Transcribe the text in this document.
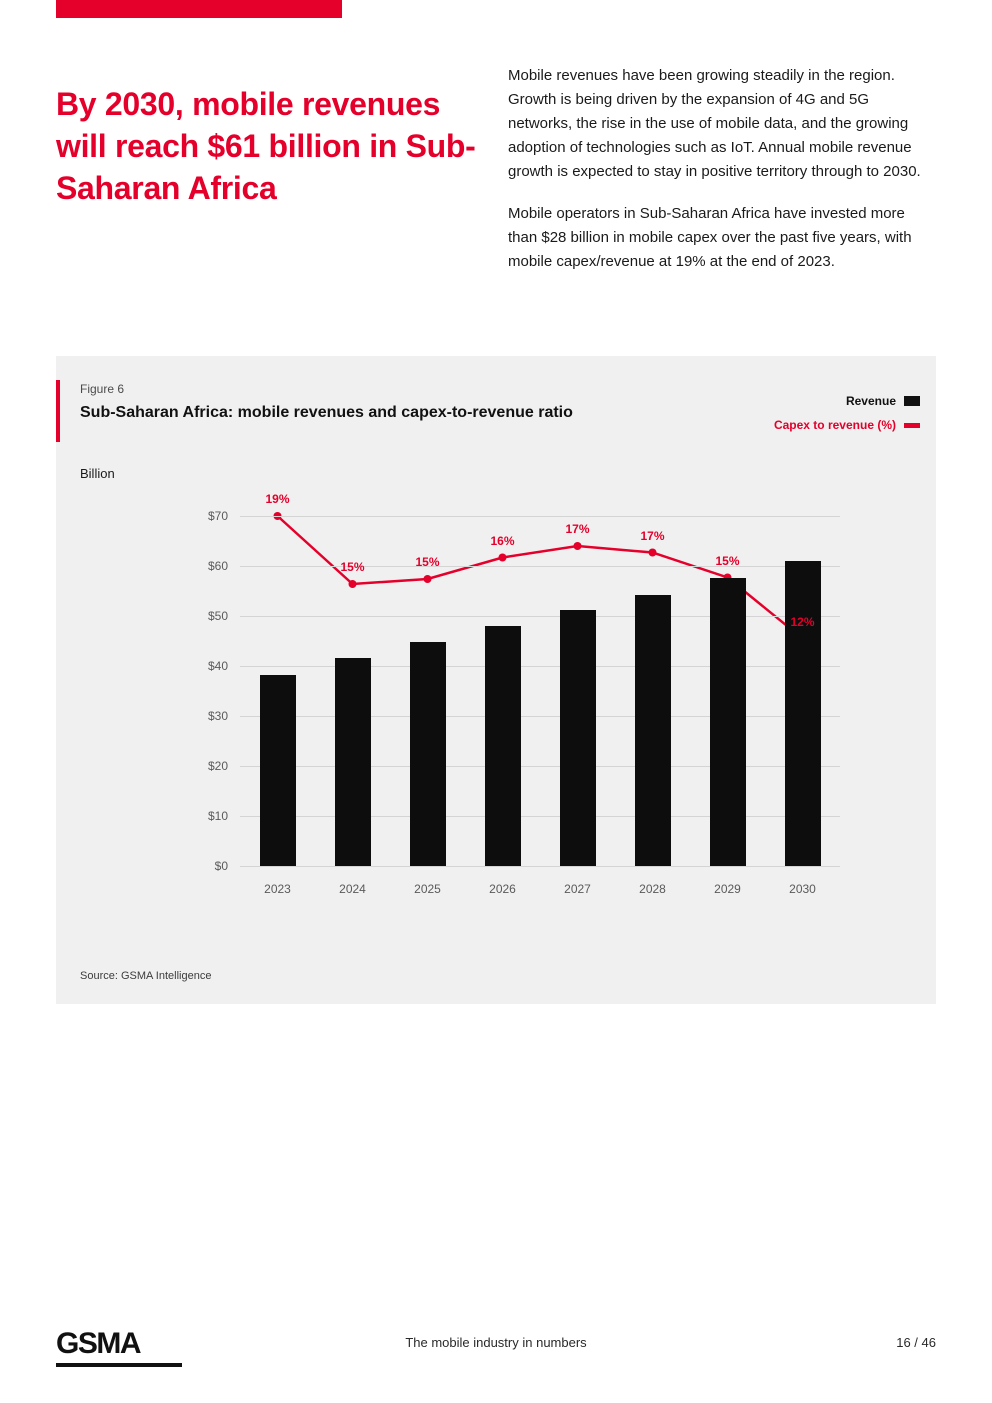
By 2030, mobile revenues will reach $61 billion in Sub-Saharan Africa

Mobile revenues have been growing steadily in the region. Growth is being driven by the expansion of 4G and 5G networks, the rise in the use of mobile data, and the growing adoption of technologies such as IoT. Annual mobile revenue growth is expected to stay in positive territory through to 2030.

Mobile operators in Sub-Saharan Africa have invested more than $28 billion in mobile capex over the past five years, with mobile capex/revenue at 19% at the end of 2023.

Figure 6
Sub-Saharan Africa: mobile revenues and capex-to-revenue ratio
Revenue
Capex to revenue (%)
Billion
$0
$10
$20
$30
$40
$50
$60
$70
2023	2024	2025	2026	2027	2028	2029	2030
19%
15%	15%
16%
17%	17%
15%
12%
Source: GSMA Intelligence
GSMA	The mobile industry in numbers	16 / 46
